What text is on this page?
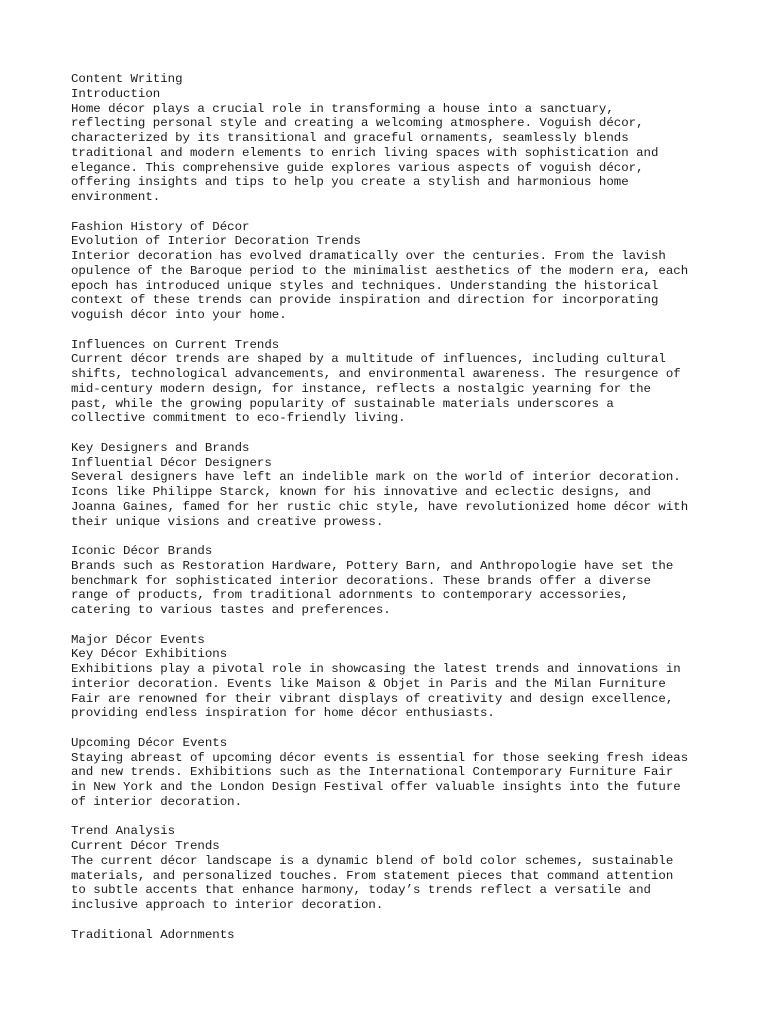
Content Writing
Introduction
Home décor plays a crucial role in transforming a house into a sanctuary,
reflecting personal style and creating a welcoming atmosphere. Voguish décor,
characterized by its transitional and graceful ornaments, seamlessly blends
traditional and modern elements to enrich living spaces with sophistication and
elegance. This comprehensive guide explores various aspects of voguish décor,
offering insights and tips to help you create a stylish and harmonious home
environment.
Fashion History of Décor
Evolution of Interior Decoration Trends
Interior decoration has evolved dramatically over the centuries. From the lavish
opulence of the Baroque period to the minimalist aesthetics of the modern era, each
epoch has introduced unique styles and techniques. Understanding the historical
context of these trends can provide inspiration and direction for incorporating
voguish décor into your home.
Influences on Current Trends
Current décor trends are shaped by a multitude of influences, including cultural
shifts, technological advancements, and environmental awareness. The resurgence of
mid-century modern design, for instance, reflects a nostalgic yearning for the
past, while the growing popularity of sustainable materials underscores a
collective commitment to eco-friendly living.
Key Designers and Brands
Influential Décor Designers
Several designers have left an indelible mark on the world of interior decoration.
Icons like Philippe Starck, known for his innovative and eclectic designs, and
Joanna Gaines, famed for her rustic chic style, have revolutionized home décor with
their unique visions and creative prowess.
Iconic Décor Brands
Brands such as Restoration Hardware, Pottery Barn, and Anthropologie have set the
benchmark for sophisticated interior decorations. These brands offer a diverse
range of products, from traditional adornments to contemporary accessories,
catering to various tastes and preferences.
Major Décor Events
Key Décor Exhibitions
Exhibitions play a pivotal role in showcasing the latest trends and innovations in
interior decoration. Events like Maison & Objet in Paris and the Milan Furniture
Fair are renowned for their vibrant displays of creativity and design excellence,
providing endless inspiration for home décor enthusiasts.
Upcoming Décor Events
Staying abreast of upcoming décor events is essential for those seeking fresh ideas
and new trends. Exhibitions such as the International Contemporary Furniture Fair
in New York and the London Design Festival offer valuable insights into the future
of interior decoration.
Trend Analysis
Current Décor Trends
The current décor landscape is a dynamic blend of bold color schemes, sustainable
materials, and personalized touches. From statement pieces that command attention
to subtle accents that enhance harmony, today’s trends reflect a versatile and
inclusive approach to interior decoration.
Traditional Adornments
